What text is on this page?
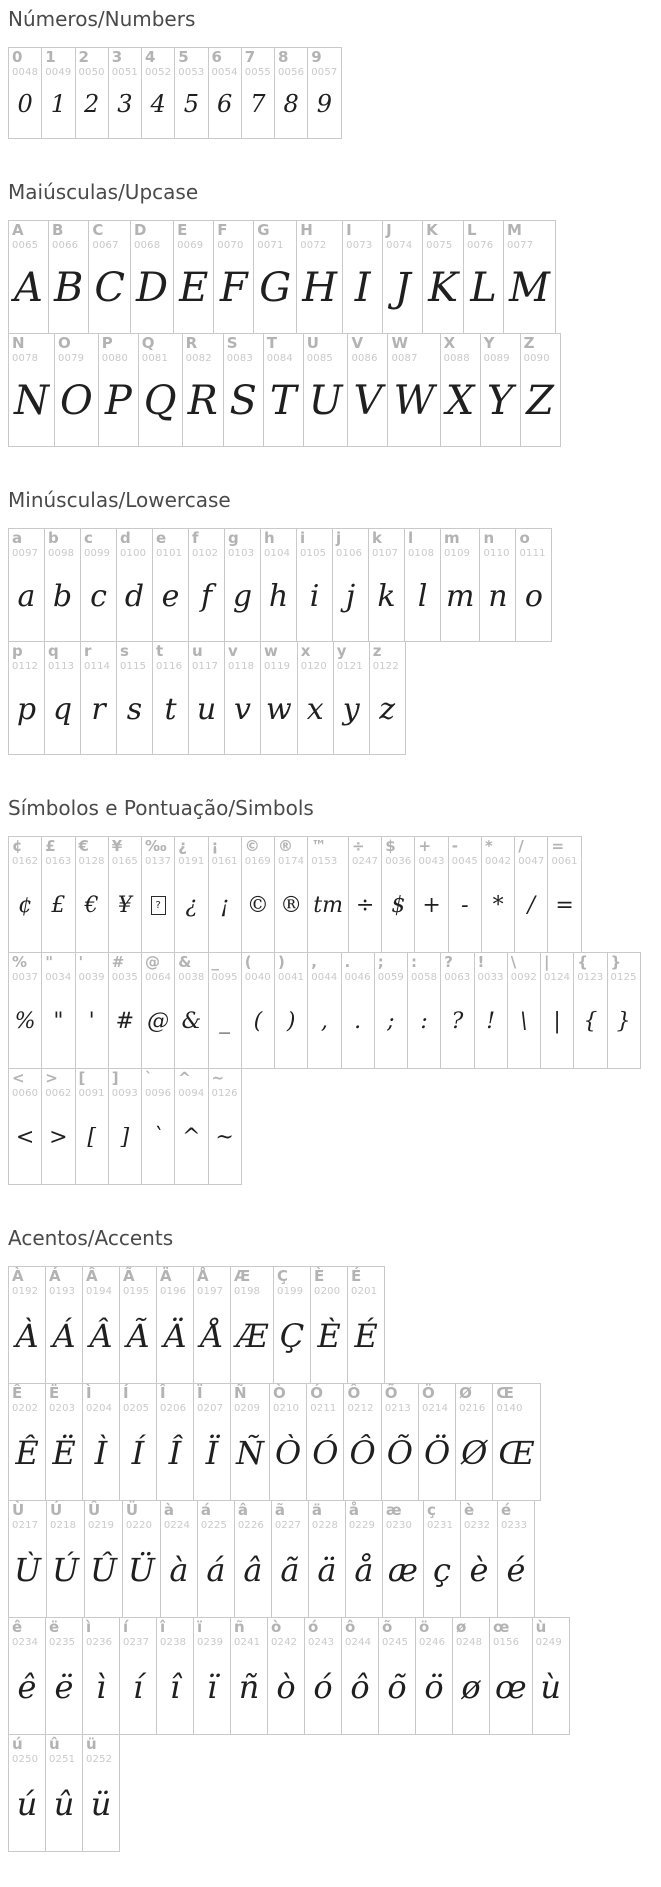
Números/Numbers
0
0048
0
1
0049
1
2
0050
2
3
0051
3
4
0052
4
5
0053
5
6
0054
6
7
0055
7
8
0056
8
9
0057
9
Maiúsculas/Upcase
A
0065
A
B
0066
B
C
0067
C
D
0068
D
E
0069
E
F
0070
F
G
0071
G
H
0072
H
I
0073
I
J
0074
J
K
0075
K
L
0076
L
M
0077
M
N
0078
N
O
0079
O
P
0080
P
Q
0081
Q
R
0082
R
S
0083
S
T
0084
T
U
0085
U
V
0086
V
W
0087
W
X
0088
X
Y
0089
Y
Z
0090
Z
Minúsculas/Lowercase
a
0097
a
b
0098
b
c
0099
c
d
0100
d
e
0101
e
f
0102
f
g
0103
g
h
0104
h
i
0105
i
j
0106
j
k
0107
k
l
0108
l
m
0109
m
n
0110
n
o
0111
o
p
0112
p
q
0113
q
r
0114
r
s
0115
s
t
0116
t
u
0117
u
v
0118
v
w
0119
w
x
0120
x
y
0121
y
z
0122
z
Símbolos e Pontuação/Simbols
¢
0162
¢
£
0163
£
€
0128
€
¥
0165
¥
‰
0137
?
¿
0191
¿
¡
0161
¡
©
0169
©
®
0174
®
™
0153
tm
÷
0247
÷
$
0036
$
+
0043
+
-
0045
-
*
0042
*
/
0047
/
=
0061
=
%
0037
%
"
0034
"
'
0039
'
#
0035
#
@
0064
@
&
0038
&
_
0095
_
(
0040
(
)
0041
)
,
0044
,
.
0046
.
;
0059
;
:
0058
:
?
0063
?
!
0033
!
\
0092
\
|
0124
|
{
0123
{
}
0125
}
<
0060
<
>
0062
>
[
0091
[
]
0093
]
`
0096
`
^
0094
^
~
0126
~
Acentos/Accents
À
0192
À
Á
0193
Á
Â
0194
Â
Ã
0195
Ã
Ä
0196
Ä
Å
0197
Å
Æ
0198
Æ
Ç
0199
Ç
È
0200
È
É
0201
É
Ê
0202
Ê
Ë
0203
Ë
Ì
0204
Ì
Í
0205
Í
Î
0206
Î
Ï
0207
Ï
Ñ
0209
Ñ
Ò
0210
Ò
Ó
0211
Ó
Ô
0212
Ô
Õ
0213
Õ
Ö
0214
Ö
Ø
0216
Ø
Œ
0140
Œ
Ù
0217
Ù
Ú
0218
Ú
Û
0219
Û
Ü
0220
Ü
à
0224
à
á
0225
á
â
0226
â
ã
0227
ã
ä
0228
ä
å
0229
å
æ
0230
æ
ç
0231
ç
è
0232
è
é
0233
é
ê
0234
ê
ë
0235
ë
ì
0236
ì
í
0237
í
î
0238
î
ï
0239
ï
ñ
0241
ñ
ò
0242
ò
ó
0243
ó
ô
0244
ô
õ
0245
õ
ö
0246
ö
ø
0248
ø
œ
0156
œ
ù
0249
ù
ú
0250
ú
û
0251
û
ü
0252
ü
